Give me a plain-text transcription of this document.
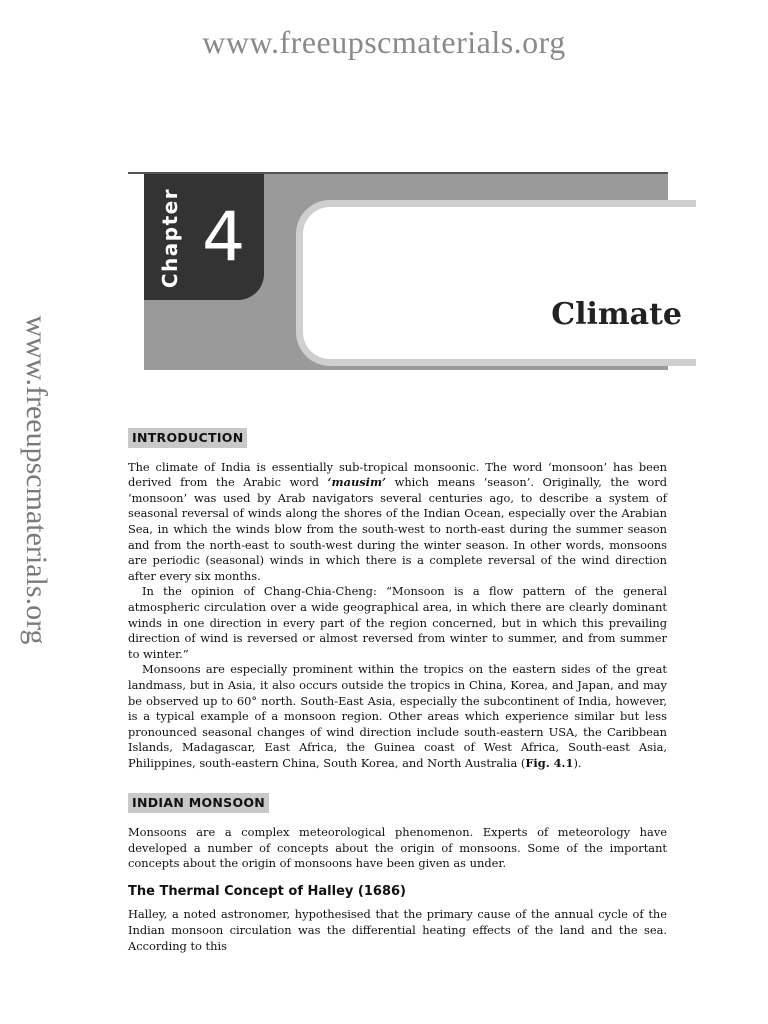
www.freeupscmaterials.org
www.freeupscmaterials.org
Chapter 4
Climate
INTRODUCTION

The climate of India is essentially sub-tropical monsoonic. The word ‘monsoon’ has been derived from the Arabic word ‘mausim’ which means ‘season’. Originally, the word ‘monsoon’ was used by Arab navigators several centuries ago, to describe a system of seasonal reversal of winds along the shores of the Indian Ocean, especially over the Arabian Sea, in which the winds blow from the south-west to north-east during the summer season and from the north-east to south-west during the winter season. In other words, monsoons are periodic (seasonal) winds in which there is a complete reversal of the wind direction after every six months.

In the opinion of Chang-Chia-Cheng: “Monsoon is a flow pattern of the general atmospheric circulation over a wide geographical area, in which there are clearly dominant winds in one direction in every part of the region concerned, but in which this prevailing direction of wind is reversed or almost reversed from winter to summer, and from summer to winter.”

Monsoons are especially prominent within the tropics on the eastern sides of the great landmass, but in Asia, it also occurs outside the tropics in China, Korea, and Japan, and may be observed up to 60° north. South-East Asia, especially the subcontinent of India, however, is a typical example of a monsoon region. Other areas which experience similar but less pronounced seasonal changes of wind direction include south-eastern USA, the Caribbean Islands, Madagascar, East Africa, the Guinea coast of West Africa, South-east Asia, Philippines, south-eastern China, South Korea, and North Australia (Fig. 4.1).

INDIAN MONSOON

Monsoons are a complex meteorological phenomenon. Experts of meteorology have developed a number of concepts about the origin of monsoons. Some of the important concepts about the origin of monsoons have been given as under.

The Thermal Concept of Halley (1686)

Halley, a noted astronomer, hypothesised that the primary cause of the annual cycle of the Indian monsoon circulation was the differential heating effects of the land and the sea. According to this
